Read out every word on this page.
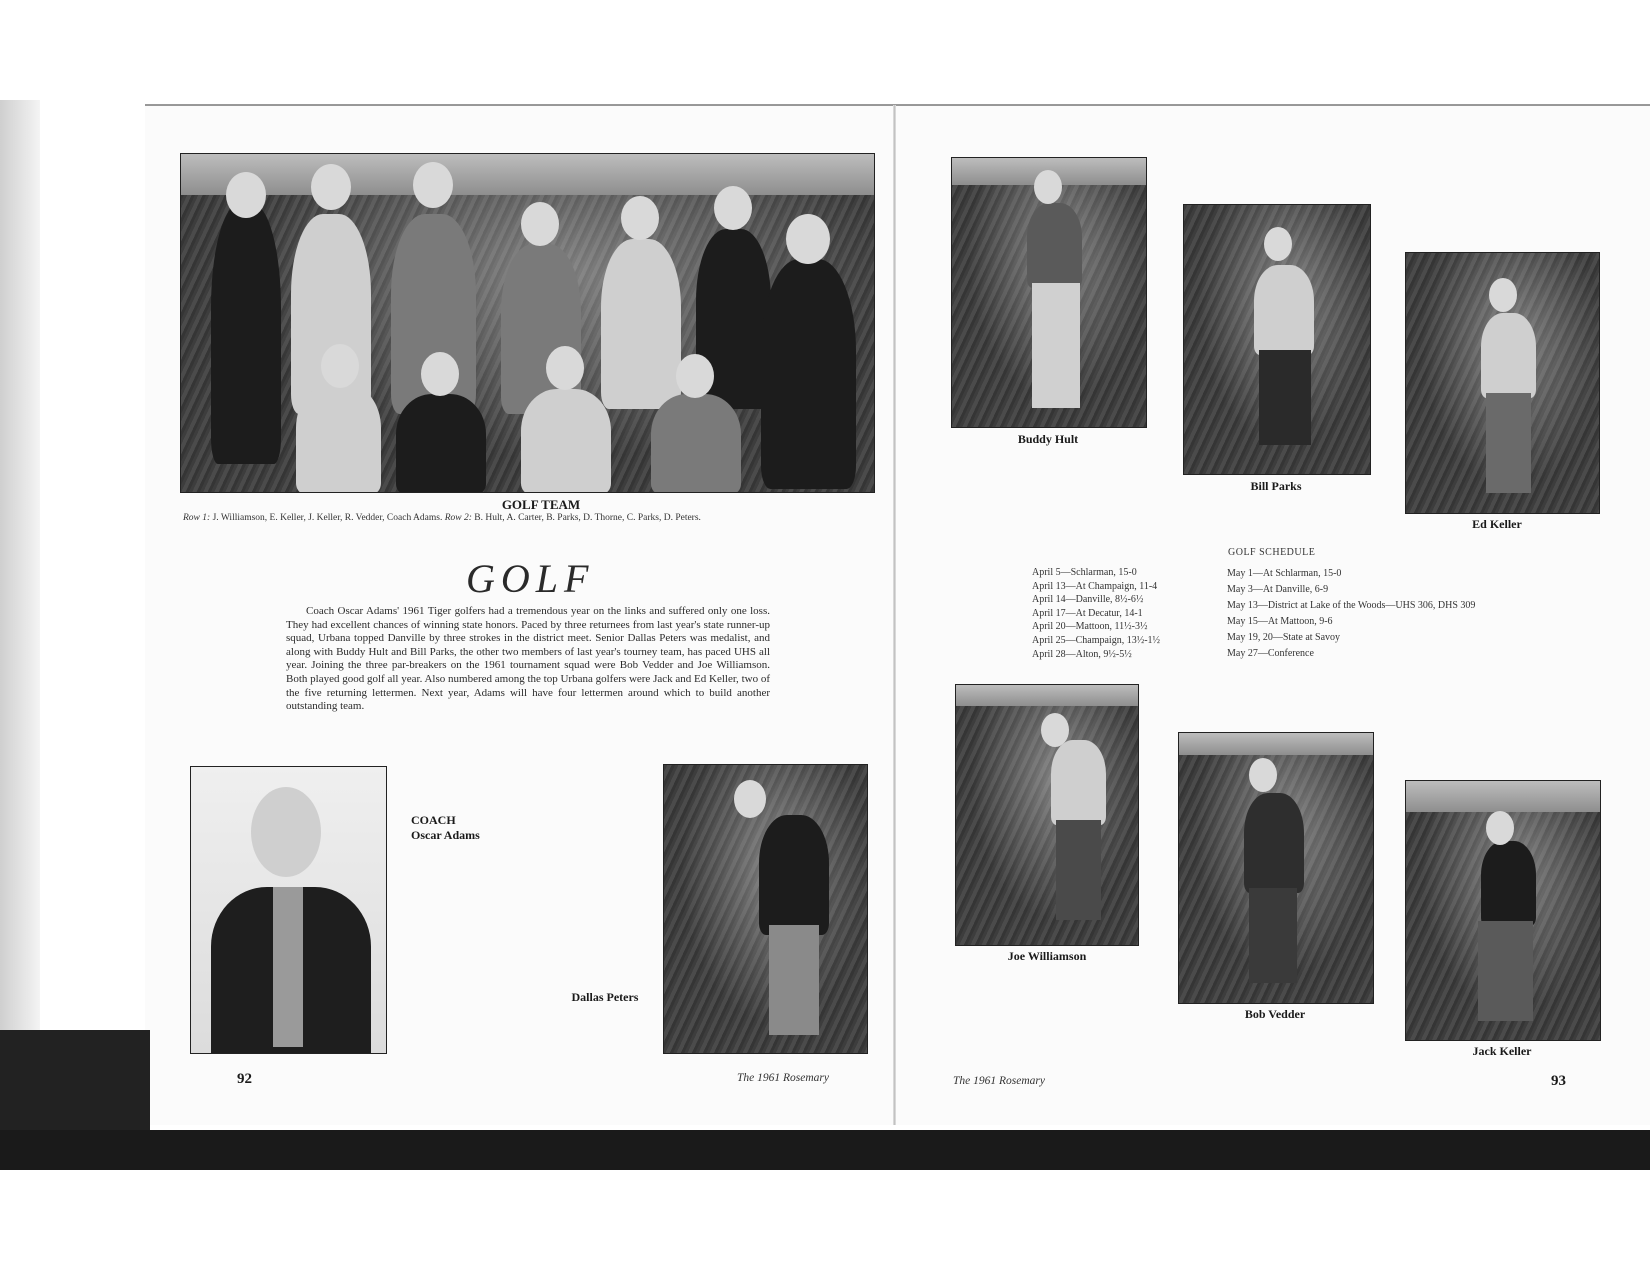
GOLF TEAM
Row 1: J. Williamson, E. Keller, J. Keller, R. Vedder, Coach Adams. Row 2: B. Hult, A. Carter, B. Parks, D. Thorne, C. Parks, D. Peters.
GOLF

Coach Oscar Adams' 1961 Tiger golfers had a tremendous year on the links and suffered only one loss. They had excellent chances of winning state honors. Paced by three returnees from last year's state runner-up squad, Urbana topped Danville by three strokes in the district meet. Senior Dallas Peters was medalist, and along with Buddy Hult and Bill Parks, the other two members of last year's tourney team, has paced UHS all year. Joining the three par-breakers on the 1961 tournament squad were Bob Vedder and Joe Williamson. Both played good golf all year. Also numbered among the top Urbana golfers were Jack and Ed Keller, two of the five returning lettermen. Next year, Adams will have four lettermen around which to build another outstanding team.

COACH
Oscar Adams
Dallas Peters
92	The 1961 Rosemary
Buddy Hult
Bill Parks
Ed Keller
GOLF SCHEDULE
April 5—Schlarman, 15-0
April 13—At Champaign, 11-4
April 14—Danville, 8½-6½
April 17—At Decatur, 14-1
April 20—Mattoon, 11½-3½
April 25—Champaign, 13½-1½
April 28—Alton, 9½-5½
May 1—At Schlarman, 15-0
May 3—At Danville, 6-9
May 13—District at Lake of the Woods—UHS 306, DHS 309
May 15—At Mattoon, 9-6
May 19, 20—State at Savoy
May 27—Conference
Joe Williamson
Bob Vedder
Jack Keller
The 1961 Rosemary	93
